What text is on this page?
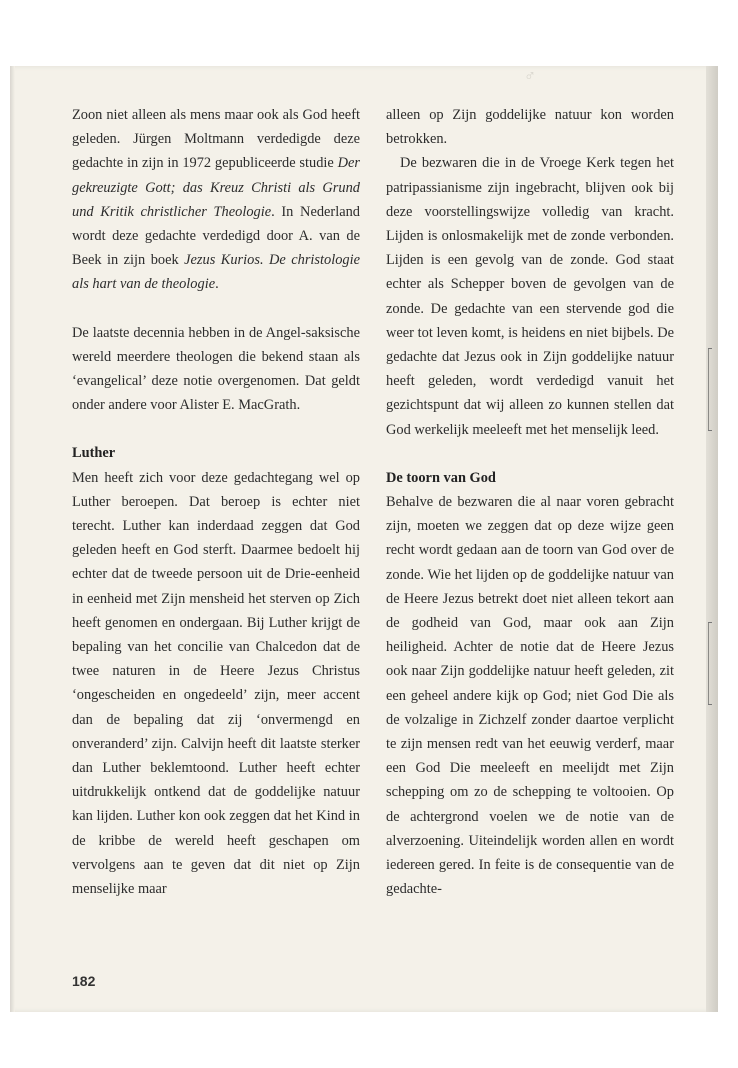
♂

Zoon niet alleen als mens maar ook als God heeft geleden. Jürgen Moltmann verdedigde deze gedachte in zijn in 1972 gepubliceerde studie Der gekreuzigte Gott; das Kreuz Christi als Grund und Kritik christlicher Theologie. In Nederland wordt deze gedachte verdedigd door A. van de Beek in zijn boek Jezus Kurios. De christologie als hart van de theologie.

De laatste decennia hebben in de Angel-saksische wereld meerdere theologen die bekend staan als ‘evangelical’ deze notie overgenomen. Dat geldt onder andere voor Alister E. MacGrath.

Luther

Men heeft zich voor deze gedachtegang wel op Luther beroepen. Dat beroep is echter niet terecht. Luther kan inderdaad zeggen dat God geleden heeft en God sterft. Daarmee bedoelt hij echter dat de tweede persoon uit de Drie-eenheid in eenheid met Zijn mensheid het sterven op Zich heeft genomen en ondergaan. Bij Luther krijgt de bepaling van het concilie van Chalcedon dat de twee naturen in de Heere Jezus Christus ‘ongescheiden en ongedeeld’ zijn, meer accent dan de bepaling dat zij ‘onvermengd en onveranderd’ zijn. Calvijn heeft dit laatste sterker dan Luther beklemtoond. Luther heeft echter uitdrukkelijk ontkend dat de goddelijke natuur kan lijden. Luther kon ook zeggen dat het Kind in de kribbe de wereld heeft geschapen om vervolgens aan te geven dat dit niet op Zijn menselijke maar

alleen op Zijn goddelijke natuur kon worden betrokken.

De bezwaren die in de Vroege Kerk tegen het patripassianisme zijn ingebracht, blijven ook bij deze voorstellingswijze volledig van kracht. Lijden is onlosmakelijk met de zonde verbonden. Lijden is een gevolg van de zonde. God staat echter als Schepper boven de gevolgen van de zonde. De gedachte van een stervende god die weer tot leven komt, is heidens en niet bijbels. De gedachte dat Jezus ook in Zijn goddelijke natuur heeft geleden, wordt verdedigd vanuit het gezichtspunt dat wij alleen zo kunnen stellen dat God werkelijk meeleeft met het menselijk leed.

De toorn van God

Behalve de bezwaren die al naar voren gebracht zijn, moeten we zeggen dat op deze wijze geen recht wordt gedaan aan de toorn van God over de zonde. Wie het lijden op de goddelijke natuur van de Heere Jezus betrekt doet niet alleen tekort aan de godheid van God, maar ook aan Zijn heiligheid. Achter de notie dat de Heere Jezus ook naar Zijn goddelijke natuur heeft geleden, zit een geheel andere kijk op God; niet God Die als de volzalige in Zichzelf zonder daartoe verplicht te zijn mensen redt van het eeuwig verderf, maar een God Die meeleeft en meelijdt met Zijn schepping om zo de schepping te voltooien. Op de achtergrond voelen we de notie van de alverzoening. Uiteindelijk worden allen en wordt iedereen gered. In feite is de consequentie van de gedachte-

182
